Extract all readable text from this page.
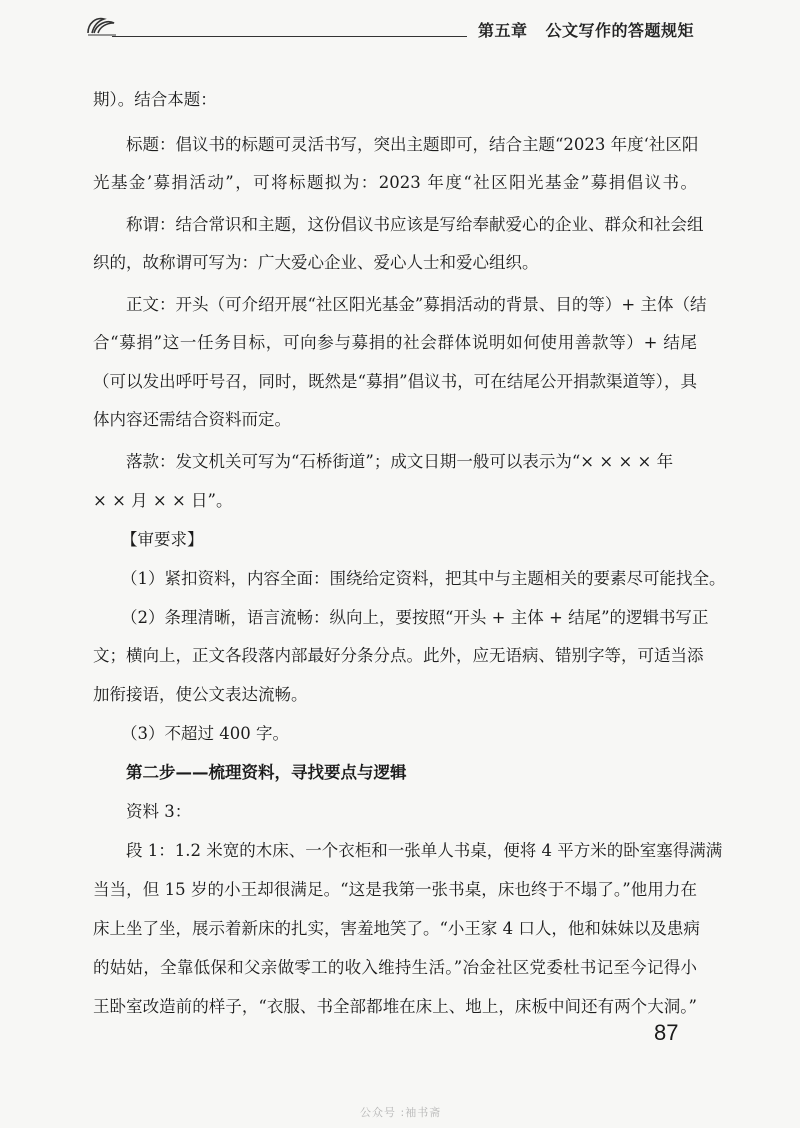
第五章 公文写作的答题规矩
期）。结合本题：
标题：倡议书的标题可灵活书写，突出主题即可，结合主题“2023 年度‘社区阳
光基金’募捐活动”，可将标题拟为：2023 年度“社区阳光基金”募捐倡议书。
称谓：结合常识和主题，这份倡议书应该是写给奉献爱心的企业、群众和社会组
织的，故称谓可写为：广大爱心企业、爱心人士和爱心组织。
正文：开头（可介绍开展“社区阳光基金”募捐活动的背景、目的等）+ 主体（结
合“募捐”这一任务目标，可向参与募捐的社会群体说明如何使用善款等）+ 结尾
（可以发出呼吁号召，同时，既然是“募捐”倡议书，可在结尾公开捐款渠道等），具
体内容还需结合资料而定。
落款：发文机关可写为“石桥街道”；成文日期一般可以表示为“× × × × 年
× × 月 × × 日”。
【审要求】
（1）紧扣资料，内容全面：围绕给定资料，把其中与主题相关的要素尽可能找全。
（2）条理清晰，语言流畅：纵向上，要按照“开头 + 主体 + 结尾”的逻辑书写正
文；横向上，正文各段落内部最好分条分点。此外，应无语病、错别字等，可适当添
加衔接语，使公文表达流畅。
（3）不超过 400 字。
第二步——梳理资料，寻找要点与逻辑
资料 3：
段 1：1.2 米宽的木床、一个衣柜和一张单人书桌，便将 4 平方米的卧室塞得满满
当当，但 15 岁的小王却很满足。“这是我第一张书桌，床也终于不塌了。”他用力在
床上坐了坐，展示着新床的扎实，害羞地笑了。“小王家 4 口人，他和妹妹以及患病
的姑姑，全靠低保和父亲做零工的收入维持生活。”冶金社区党委杜书记至今记得小
王卧室改造前的样子，“衣服、书全部都堆在床上、地上，床板中间还有两个大洞。”
87
公众号 :袖书斋
